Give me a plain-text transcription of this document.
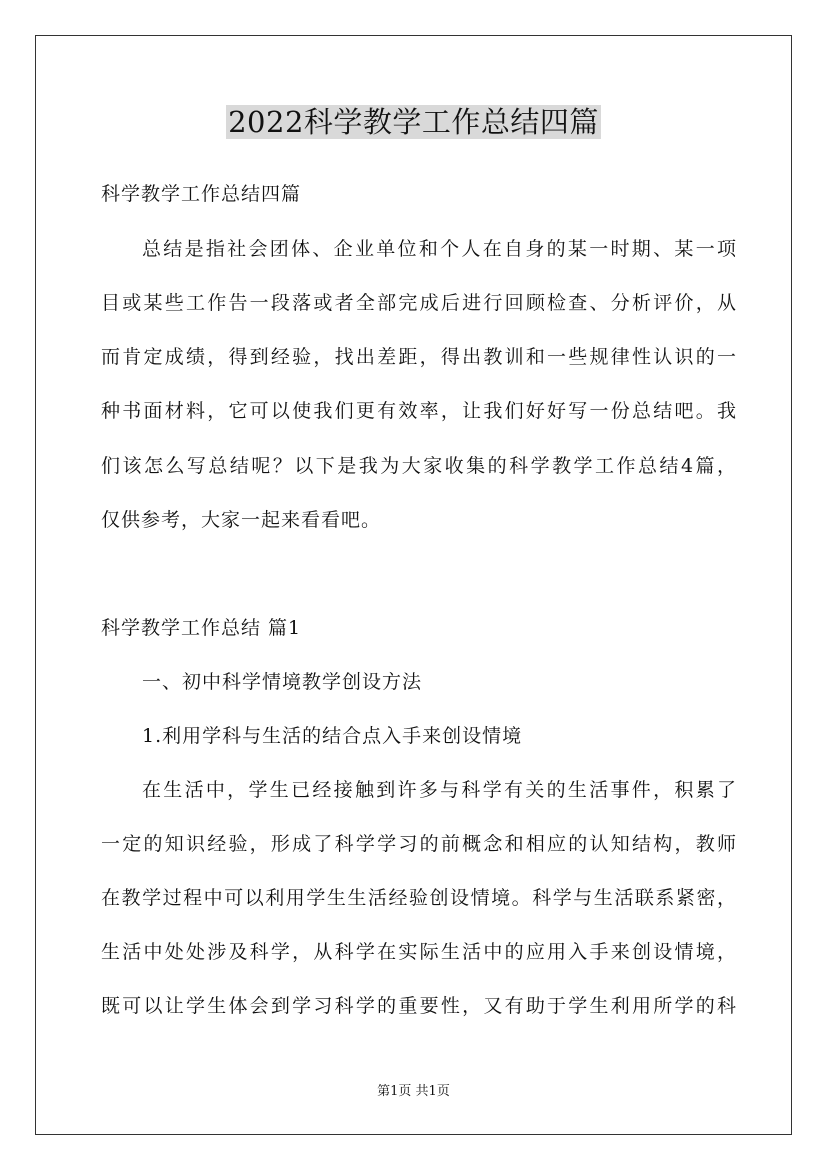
2022科学教学工作总结四篇
科学教学工作总结四篇
总结是指社会团体、企业单位和个人在自身的某一时期、某一项
目或某些工作告一段落或者全部完成后进行回顾检查、分析评价，从
而肯定成绩，得到经验，找出差距，得出教训和一些规律性认识的一
种书面材料，它可以使我们更有效率，让我们好好写一份总结吧。我
们该怎么写总结呢？以下是我为大家收集的科学教学工作总结4篇，
仅供参考，大家一起来看看吧。
科学教学工作总结 篇1
一、初中科学情境教学创设方法
1.利用学科与生活的结合点入手来创设情境
在生活中，学生已经接触到许多与科学有关的生活事件，积累了
一定的知识经验，形成了科学学习的前概念和相应的认知结构，教师
在教学过程中可以利用学生生活经验创设情境。科学与生活联系紧密，
生活中处处涉及科学，从科学在实际生活中的应用入手来创设情境，
既可以让学生体会到学习科学的重要性，又有助于学生利用所学的科
第1页 共1页
